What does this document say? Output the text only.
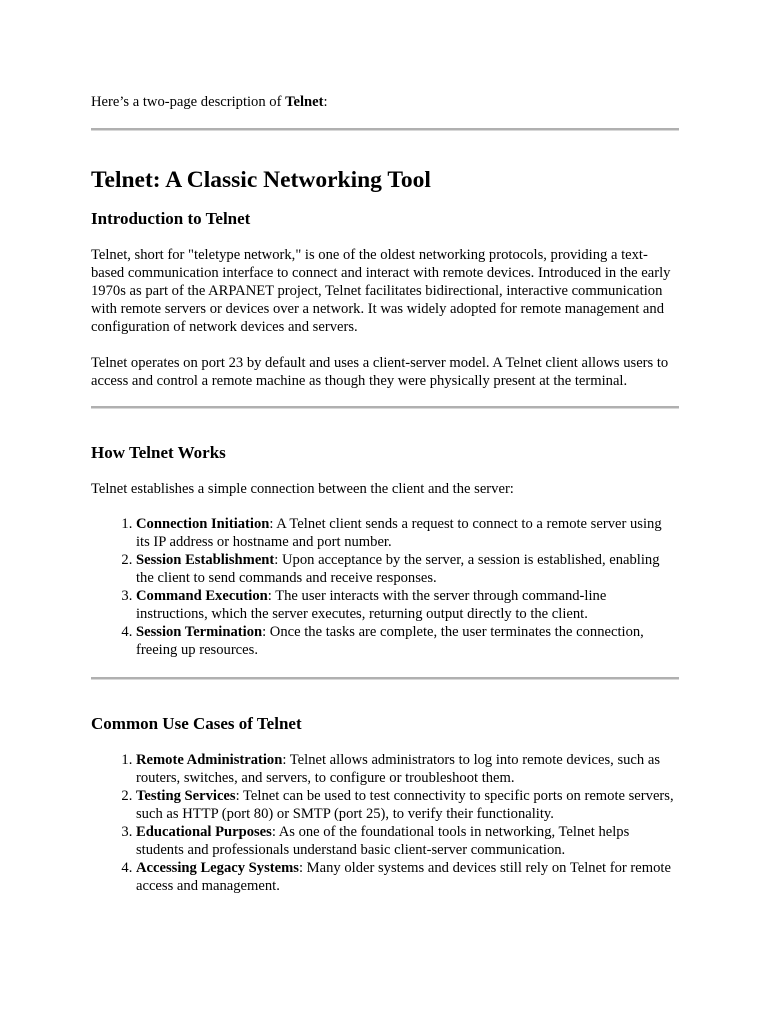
Here’s a two-page description of Telnet:

Telnet: A Classic Networking Tool
Introduction to Telnet

Telnet, short for "teletype network," is one of the oldest networking protocols, providing a text-based communication interface to connect and interact with remote devices. Introduced in the early 1970s as part of the ARPANET project, Telnet facilitates bidirectional, interactive communication with remote servers or devices over a network. It was widely adopted for remote management and configuration of network devices and servers.

Telnet operates on port 23 by default and uses a client-server model. A Telnet client allows users to access and control a remote machine as though they were physically present at the terminal.

How Telnet Works

Telnet establishes a simple connection between the client and the server:

1. Connection Initiation: A Telnet client sends a request to connect to a remote server using its IP address or hostname and port number.
2. Session Establishment: Upon acceptance by the server, a session is established, enabling the client to send commands and receive responses.
3. Command Execution: The user interacts with the server through command-line instructions, which the server executes, returning output directly to the client.
4. Session Termination: Once the tasks are complete, the user terminates the connection, freeing up resources.
Common Use Cases of Telnet
1. Remote Administration: Telnet allows administrators to log into remote devices, such as routers, switches, and servers, to configure or troubleshoot them.
2. Testing Services: Telnet can be used to test connectivity to specific ports on remote servers, such as HTTP (port 80) or SMTP (port 25), to verify their functionality.
3. Educational Purposes: As one of the foundational tools in networking, Telnet helps students and professionals understand basic client-server communication.
4. Accessing Legacy Systems: Many older systems and devices still rely on Telnet for remote access and management.
